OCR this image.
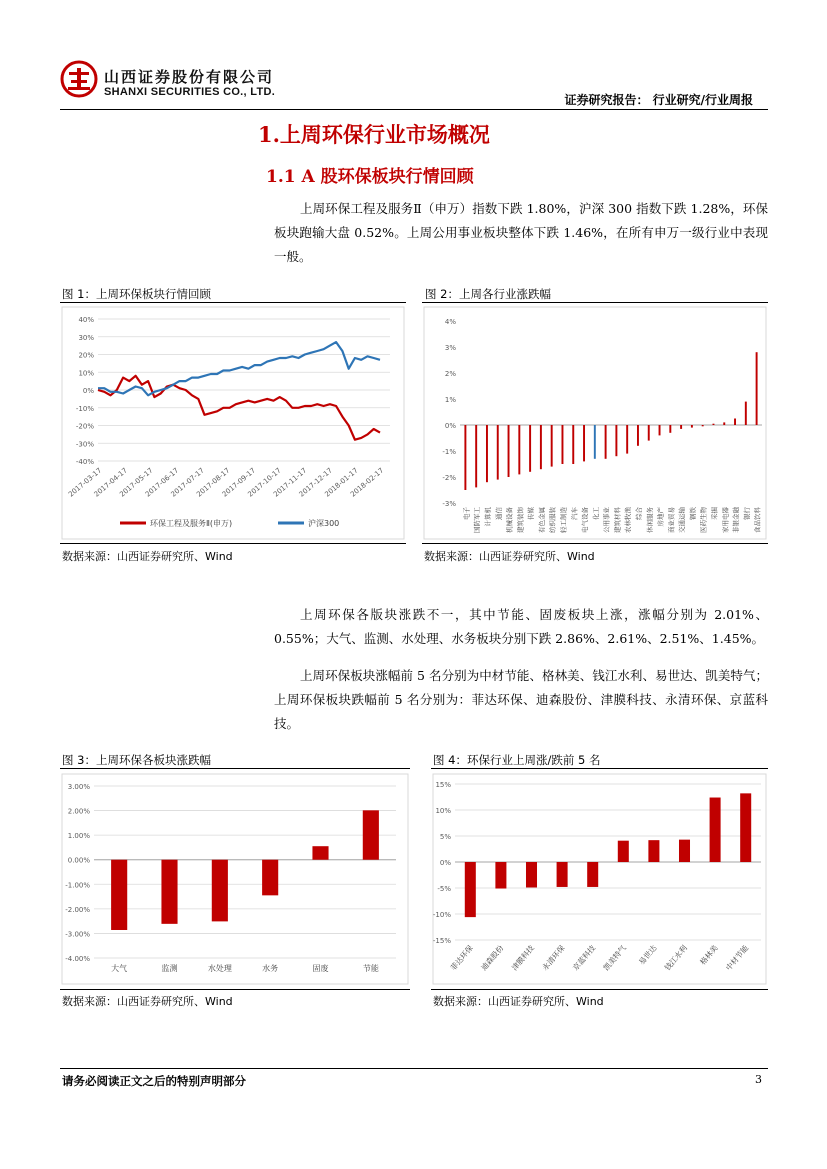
山西证券股份有限公司
SHANXI SECURITIES CO., LTD.
证券研究报告： 行业研究/行业周报
1.上周环保行业市场概况
1.1 A 股环保板块行情回顾
上周环保工程及服务Ⅱ（申万）指数下跌 1.80%，沪深 300 指数下跌 1.28%，环保板块跑输大盘 0.52%。上周公用事业板块整体下跌 1.46%，在所有申万一级行业中表现一般。
图 1：上周环保板块行情回顾	图 2：上周各行业涨跌幅
40%
30%
20%
10%
0%
-10%
-20%
-30%
-40%
2017-03-17
2017-04-17
2017-05-17
2017-06-17
2017-07-17
2017-08-17
2017-09-17
2017-10-17
2017-11-17
2017-12-17
2018-01-17
2018-02-17
环保工程及服务Ⅱ(申万)	沪深300
4%
3%
2%
1%
0%
-1%
-2%
-3%
电子 国防军工 计算机 通信 机械设备 建筑装饰 传媒 有色金属 纺织服装 轻工制造 汽车 电气设备 化工 公用事业 建筑材料 农林牧渔 综合 休闲服务 房地产 商业贸易 交通运输 钢铁 医药生物 采掘 家用电器 非银金融 银行 食品饮料
数据来源：山西证券研究所、Wind	数据来源：山西证券研究所、Wind
上周环保各版块涨跌不一，其中节能、固废板块上涨，涨幅分别为 2.01%、0.55%；大气、监测、水处理、水务板块分别下跌 2.86%、2.61%、2.51%、1.45%。
上周环保板块涨幅前 5 名分别为中材节能、格林美、钱江水利、易世达、凯美特气；上周环保板块跌幅前 5 名分别为：菲达环保、迪森股份、津膜科技、永清环保、京蓝科技。
图 3：上周环保各板块涨跌幅	图 4：环保行业上周涨/跌前 5 名
3.00%
2.00%
1.00%
0.00%
-1.00%
-2.00%
-3.00%
-4.00%
大气	监测	水处理	水务	固废	节能
15%
10%
5%
0%
-5%
-10%
-15%
菲达环保 迪森股份 津膜科技 永清环保 京蓝科技 凯美特气 易世达 钱江水利 格林美 中材节能
数据来源：山西证券研究所、Wind	数据来源：山西证券研究所、Wind
请务必阅读正文之后的特别声明部分	3
